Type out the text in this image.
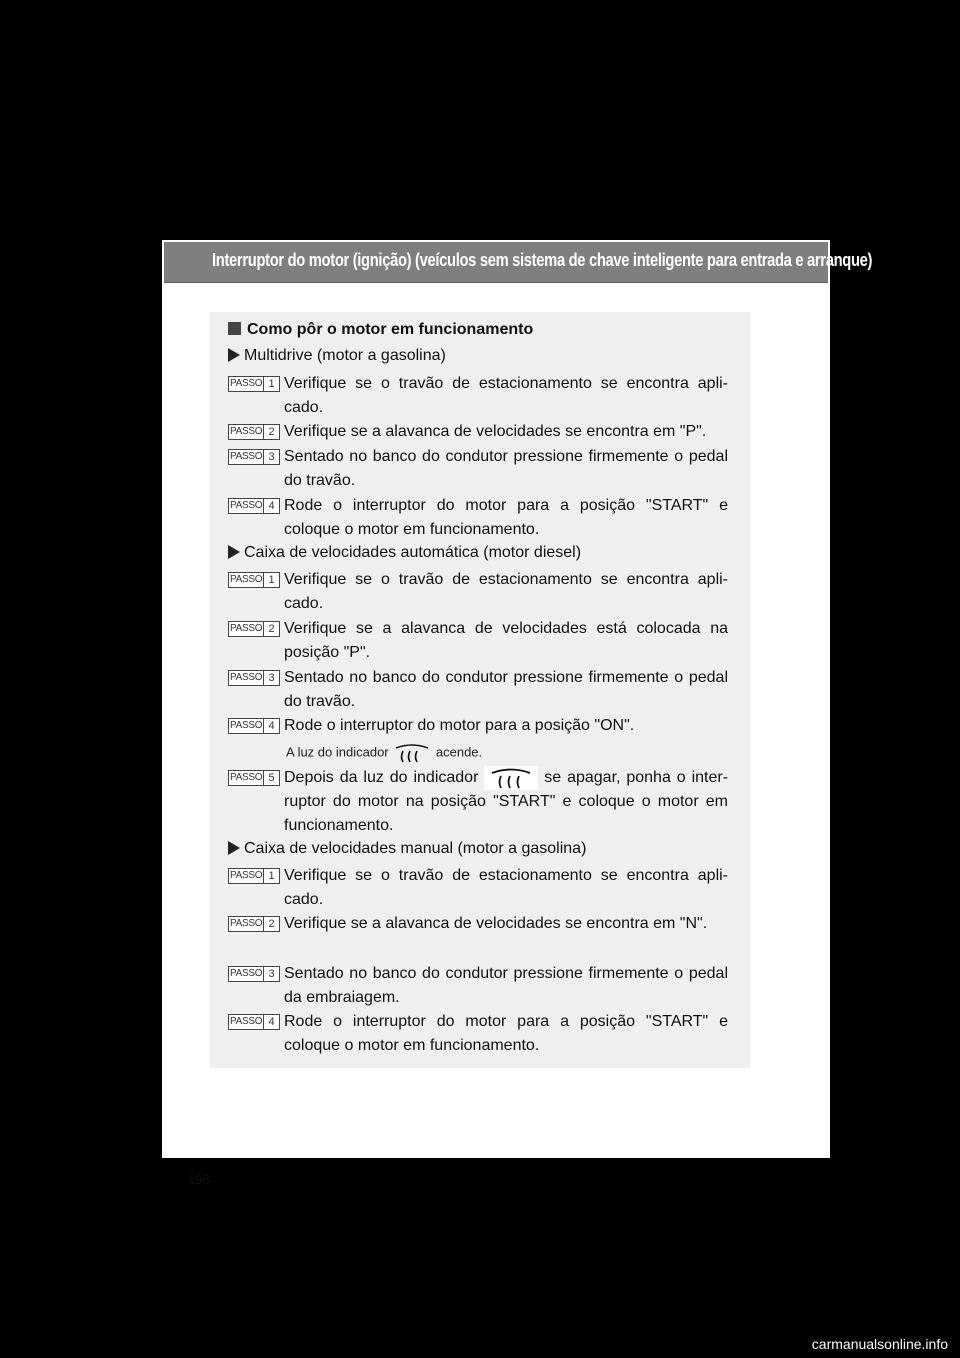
Interruptor do motor (ignição) (veículos sem sistema de chave inteligente para entrada e arranque)
Como pôr o motor em funcionamento
Multidrive (motor a gasolina)
PASSO 1 Verifique se o travão de estacionamento se encontra apli-cado.
PASSO 2 Verifique se a alavanca de velocidades se encontra em "P".
PASSO 3 Sentado no banco do condutor pressione firmemente o pedal do travão.
PASSO 4 Rode o interruptor do motor para a posição "START" e coloque o motor em funcionamento.
Caixa de velocidades automática (motor diesel)
PASSO 1 Verifique se o travão de estacionamento se encontra apli-cado.
PASSO 2 Verifique se a alavanca de velocidades está colocada na posição "P".
PASSO 3 Sentado no banco do condutor pressione firmemente o pedal do travão.
PASSO 4 Rode o interruptor do motor para a posição "ON".
A luz do indicador	acende.
PASSO 5 Depois da luz do indicador	se apagar, ponha o inter-ruptor do motor na posição "START" e coloque o motor em funcionamento.
Caixa de velocidades manual (motor a gasolina)
PASSO 1 Verifique se o travão de estacionamento se encontra apli-cado.
PASSO 2 Verifique se a alavanca de velocidades se encontra em "N".
PASSO 3 Sentado no banco do condutor pressione firmemente o pedal da embraiagem.
PASSO 4 Rode o interruptor do motor para a posição "START" e coloque o motor em funcionamento.
196
carmanualsonline.info
